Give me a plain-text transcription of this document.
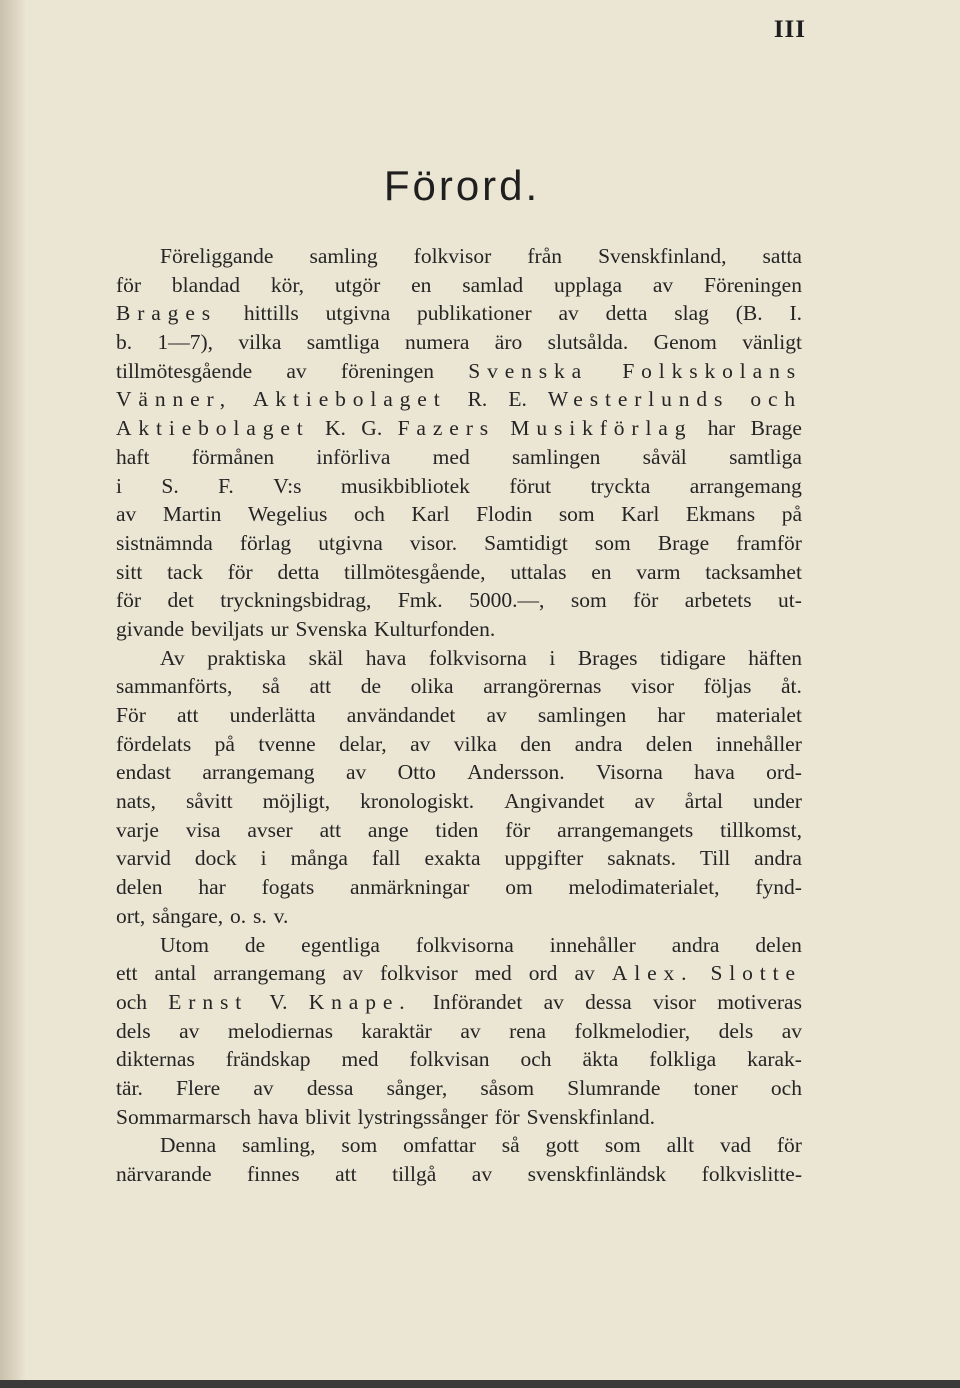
III
Förord.
Föreliggande samling folkvisor från Svenskfinland, satta
för blandad kör, utgör en samlad upplaga av Föreningen
Brages hittills utgivna publikationer av detta slag (B. I.
b. 1—7), vilka samtliga numera äro slutsålda. Genom vänligt
tillmötesgående av föreningen Svenska Folkskolans
Vänner, Aktiebolaget R. E. Westerlunds och
Aktiebolaget K. G. Fazers Musikförlag har Brage
haft förmånen införliva med samlingen såväl samtliga
i S. F. V:s musikbibliotek förut tryckta arrangemang
av Martin Wegelius och Karl Flodin som Karl Ekmans på
sistnämnda förlag utgivna visor. Samtidigt som Brage framför
sitt tack för detta tillmötesgående, uttalas en varm tacksamhet
för det tryckningsbidrag, Fmk. 5000.—, som för arbetets ut-
givande beviljats ur Svenska Kulturfonden.
Av praktiska skäl hava folkvisorna i Brages tidigare häften
sammanförts, så att de olika arrangörernas visor följas åt.
För att underlätta användandet av samlingen har materialet
fördelats på tvenne delar, av vilka den andra delen innehåller
endast arrangemang av Otto Andersson. Visorna hava ord-
nats, såvitt möjligt, kronologiskt. Angivandet av årtal under
varje visa avser att ange tiden för arrangemangets tillkomst,
varvid dock i många fall exakta uppgifter saknats. Till andra
delen har fogats anmärkningar om melodimaterialet, fynd-
ort, sångare, o. s. v.
Utom de egentliga folkvisorna innehåller andra delen
ett antal arrangemang av folkvisor med ord av Alex. Slotte
och Ernst V. Knape. Införandet av dessa visor motiveras
dels av melodiernas karaktär av rena folkmelodier, dels av
dikternas frändskap med folkvisan och äkta folkliga karak-
tär. Flere av dessa sånger, såsom Slumrande toner och
Sommarmarsch hava blivit lystringssånger för Svenskfinland.
Denna samling, som omfattar så gott som allt vad för
närvarande finnes att tillgå av svenskfinländsk folkvislitte-
